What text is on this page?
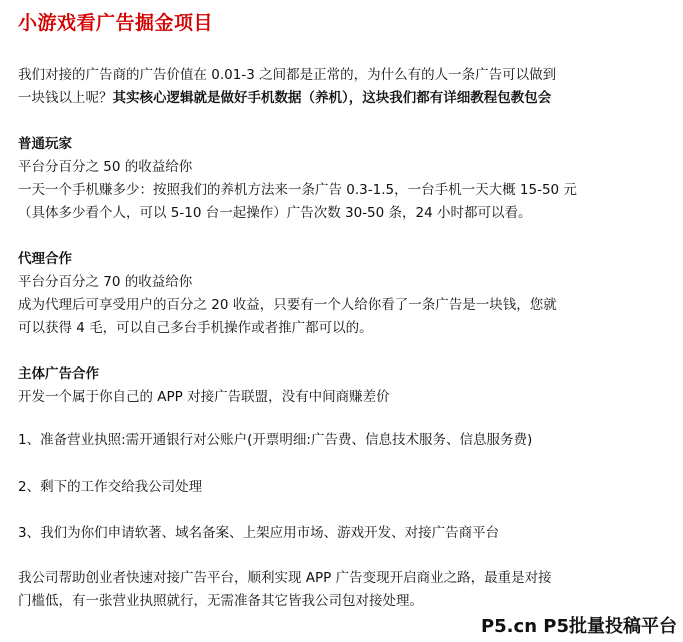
小游戏看广告掘金项目
我们对接的广告商的广告价值在 0.01-3 之间都是正常的，为什么有的人一条广告可以做到
一块钱以上呢？其实核心逻辑就是做好手机数据（养机），这块我们都有详细教程包教包会
普通玩家
平台分百分之 50 的收益给你
一天一个手机赚多少：按照我们的养机方法来一条广告 0.3-1.5，一台手机一天大概 15-50 元
（具体多少看个人，可以 5-10 台一起操作）广告次数 30-50 条，24 小时都可以看。
代理合作
平台分百分之 70 的收益给你
成为代理后可享受用户的百分之 20 收益，只要有一个人给你看了一条广告是一块钱，您就
可以获得 4 毛，可以自己多台手机操作或者推广都可以的。
主体广告合作
开发一个属于你自己的 APP 对接广告联盟，没有中间商赚差价
1、准备营业执照:需开通银行对公账户(开票明细:广告费、信息技术服务、信息服务费)
2、剩下的工作交给我公司处理
3、我们为你们申请软著、域名备案、上架应用市场、游戏开发、对接广告商平台
我公司帮助创业者快速对接广告平台，顺利实现 APP 广告变现开启商业之路，最重是对接
门槛低，有一张营业执照就行，无需准备其它皆我公司包对接处理。
P5.cn P5批量投稿平台
